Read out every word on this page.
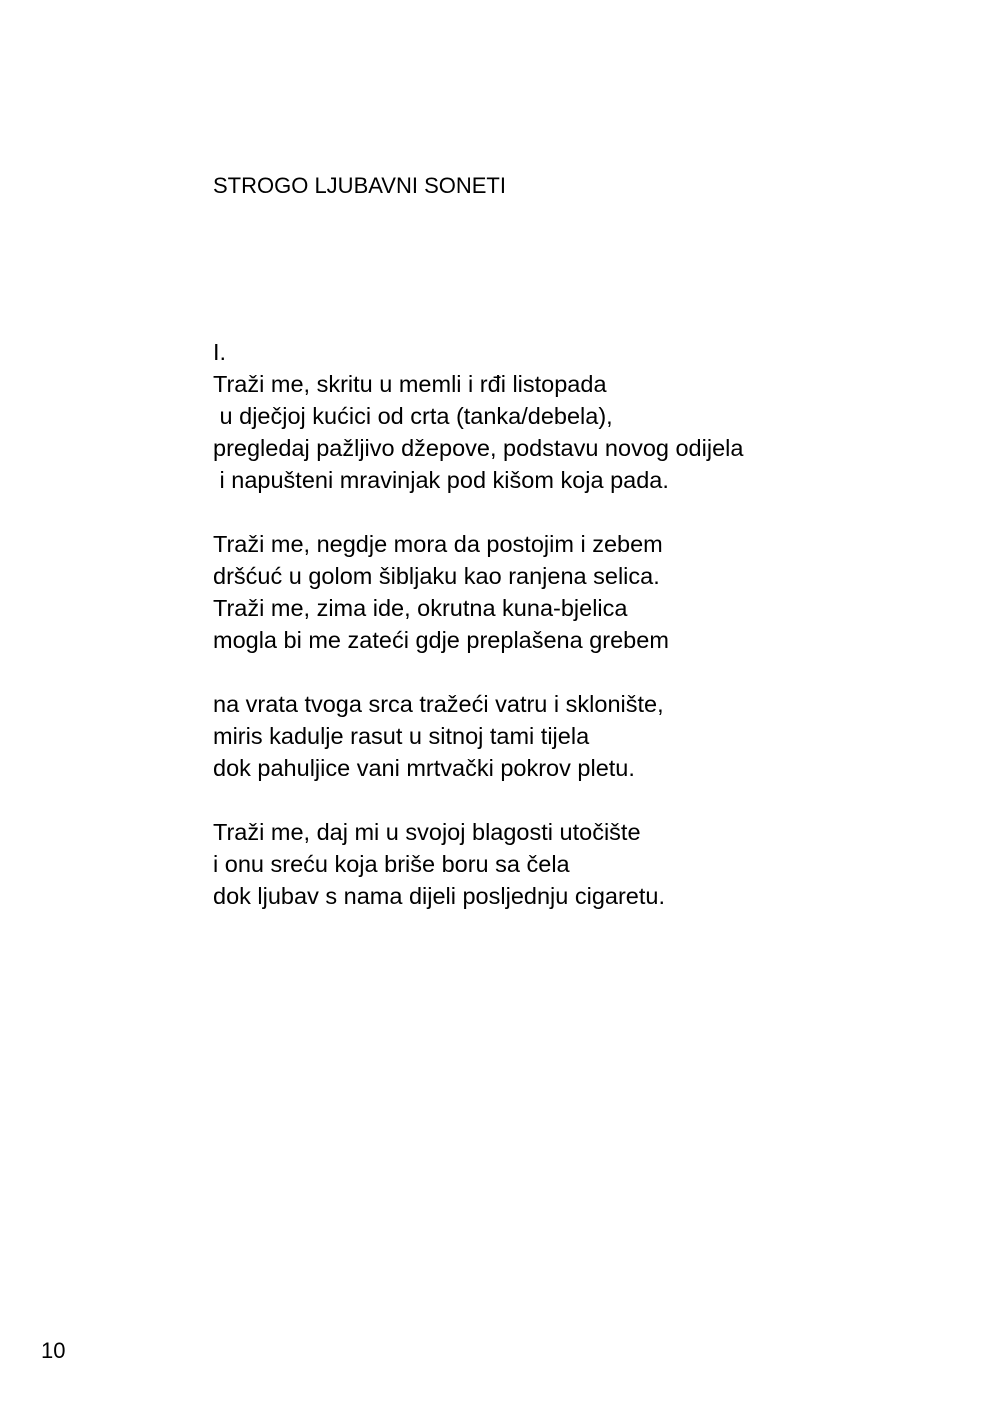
STROGO LJUBAVNI SONETI
I.
Traži me, skritu u memli i rđi listopada
u dječjoj kućici od crta (tanka/debela),
pregledaj pažljivo džepove, podstavu novog odijela
i napušteni mravinjak pod kišom koja pada.
Traži me, negdje mora da postojim i zebem
dršćuć u golom šibljaku kao ranjena selica.
Traži me, zima ide, okrutna kuna-bjelica
mogla bi me zateći gdje preplašena grebem
na vrata tvoga srca tražeći vatru i sklonište,
miris kadulje rasut u sitnoj tami tijela
dok pahuljice vani mrtvački pokrov pletu.
Traži me, daj mi u svojoj blagosti utočište
i onu sreću koja briše boru sa čela
dok ljubav s nama dijeli posljednju cigaretu.
10
